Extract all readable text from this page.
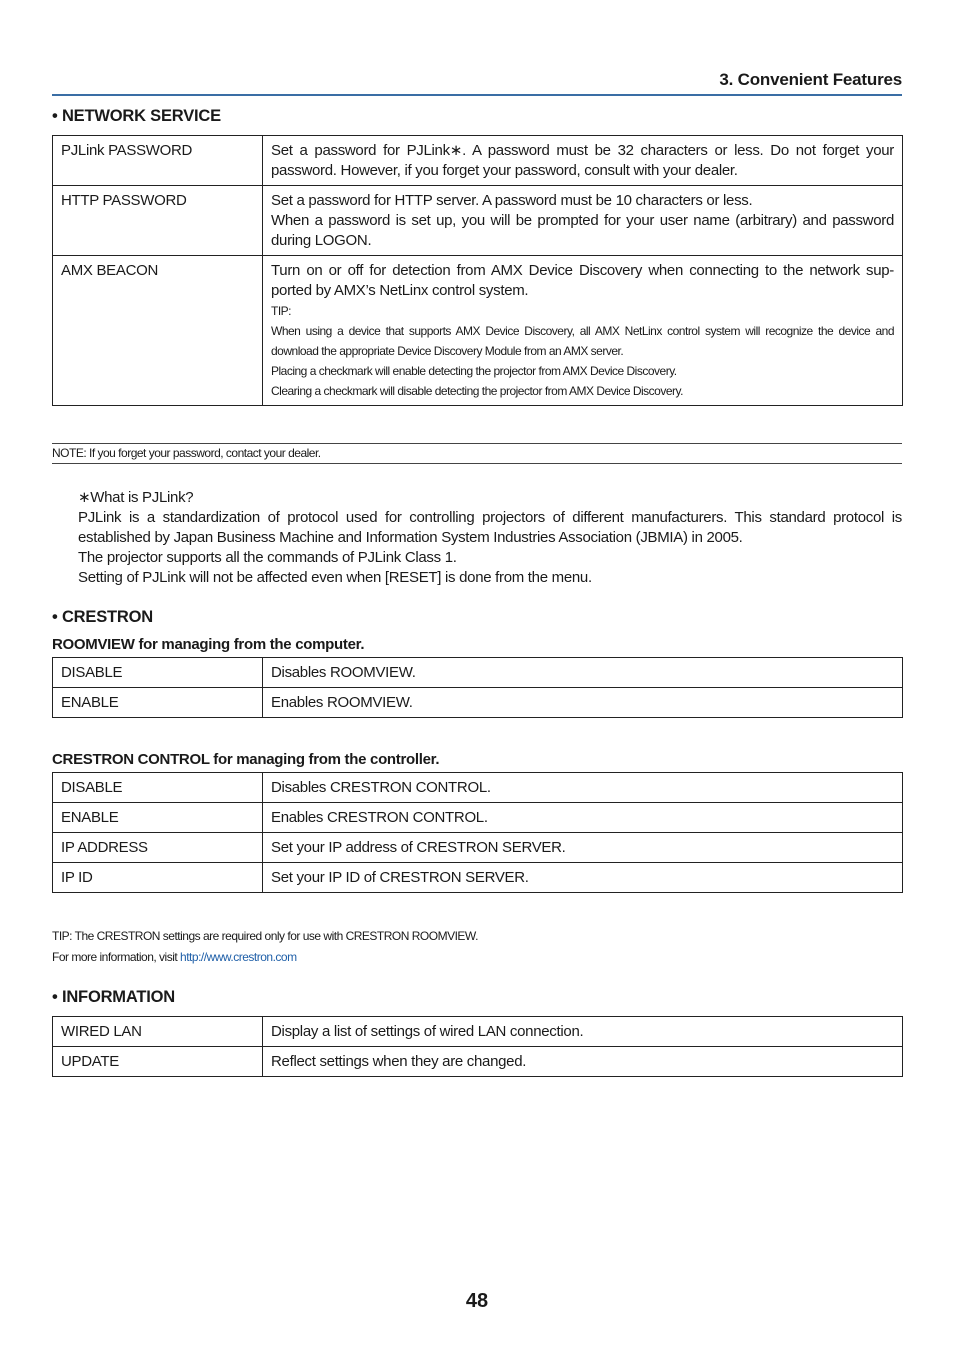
3. Convenient Features
• NETWORK SERVICE
PJLink PASSWORD	Set a password for PJLink∗. A password must be 32 characters or less. Do not forget your password. However, if you forget your password, consult with your dealer.
HTTP PASSWORD	Set a password for HTTP server. A password must be 10 characters or less.
When a password is set up, you will be prompted for your user name (arbitrary) and password during LOGON.

AMX BEACON	Turn on or off for detection from AMX Device Discovery when connecting to the network sup-ported by AMX’s NetLinx control system.
TIP:
When using a device that supports AMX Device Discovery, all AMX NetLinx control system will recognize the device and download the appropriate Device Discovery Module from an AMX server.
Placing a checkmark will enable detecting the projector from AMX Device Discovery.
Clearing a checkmark will disable detecting the projector from AMX Device Discovery.
NOTE: If you forget your password, contact your dealer.
∗What is PJLink?
PJLink is a standardization of protocol used for controlling projectors of different manufacturers. This standard protocol is established by Japan Business Machine and Information System Industries Association (JBMIA) in 2005.
The projector supports all the commands of PJLink Class 1.
Setting of PJLink will not be affected even when [RESET] is done from the menu.
• CRESTRON
ROOMVIEW for managing from the computer.
DISABLE	Disables ROOMVIEW.
ENABLE	Enables ROOMVIEW.
CRESTRON CONTROL for managing from the controller.
DISABLE	Disables CRESTRON CONTROL.
ENABLE	Enables CRESTRON CONTROL.
IP ADDRESS	Set your IP address of CRESTRON SERVER.
IP ID	Set your IP ID of CRESTRON SERVER.
TIP: The CRESTRON settings are required only for use with CRESTRON ROOMVIEW.
For more information, visit http://www.crestron.com
• INFORMATION
WIRED LAN	Display a list of settings of wired LAN connection.
UPDATE	Reflect settings when they are changed.
48
